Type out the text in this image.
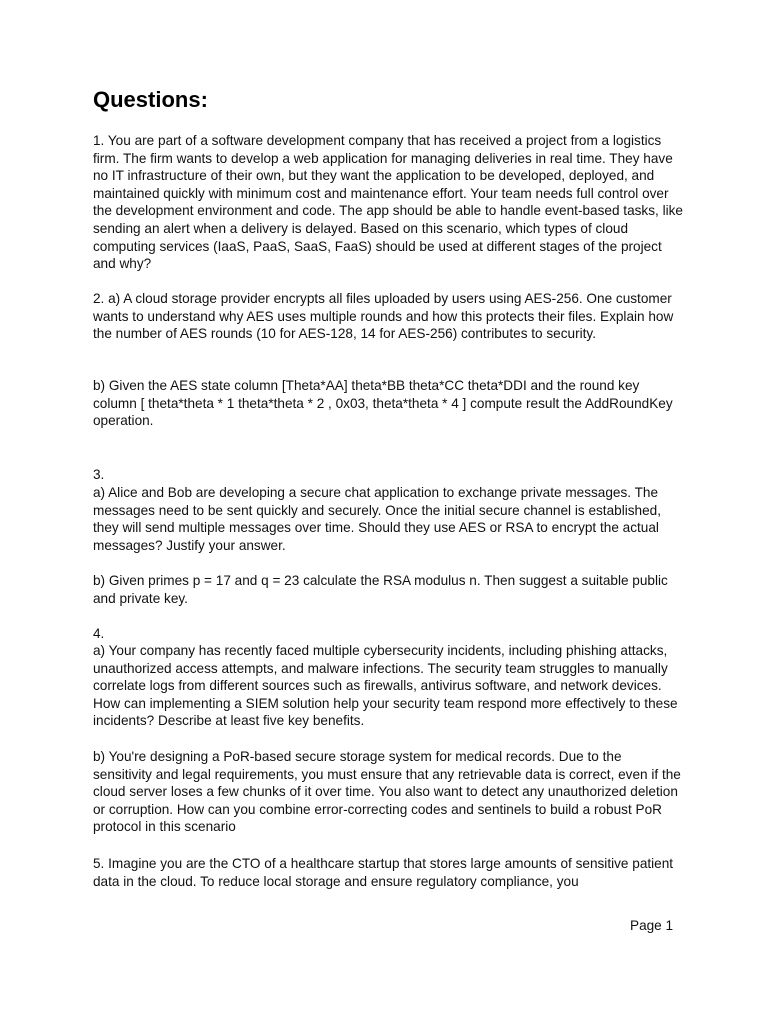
Questions:

1. You are part of a software development company that has received a project from a logistics firm. The firm wants to develop a web application for managing deliveries in real time. They have no IT infrastructure of their own, but they want the application to be developed, deployed, and maintained quickly with minimum cost and maintenance effort. Your team needs full control over the development environment and code. The app should be able to handle event-based tasks, like sending an alert when a delivery is delayed. Based on this scenario, which types of cloud computing services (IaaS, PaaS, SaaS, FaaS) should be used at different stages of the project and why?

2. a) A cloud storage provider encrypts all files uploaded by users using AES-256. One customer wants to understand why AES uses multiple rounds and how this protects their files. Explain how the number of AES rounds (10 for AES-128, 14 for AES-256) contributes to security.

b) Given the AES state column [Theta*AA] theta*BB theta*CC theta*DDI and the round key column [ theta*theta * 1 theta*theta * 2 , 0x03, theta*theta * 4 ] compute result the AddRoundKey operation.

3.

a) Alice and Bob are developing a secure chat application to exchange private messages. The messages need to be sent quickly and securely. Once the initial secure channel is established, they will send multiple messages over time. Should they use AES or RSA to encrypt the actual messages? Justify your answer.

b) Given primes p = 17 and q = 23 calculate the RSA modulus n. Then suggest a suitable public and private key.

4.

a) Your company has recently faced multiple cybersecurity incidents, including phishing attacks, unauthorized access attempts, and malware infections. The security team struggles to manually correlate logs from different sources such as firewalls, antivirus software, and network devices. How can implementing a SIEM solution help your security team respond more effectively to these incidents? Describe at least five key benefits.

b) You're designing a PoR-based secure storage system for medical records. Due to the sensitivity and legal requirements, you must ensure that any retrievable data is correct, even if the cloud server loses a few chunks of it over time. You also want to detect any unauthorized deletion or corruption. How can you combine error-correcting codes and sentinels to build a robust PoR protocol in this scenario

5. Imagine you are the CTO of a healthcare startup that stores large amounts of sensitive patient data in the cloud. To reduce local storage and ensure regulatory compliance, you

Page 1
